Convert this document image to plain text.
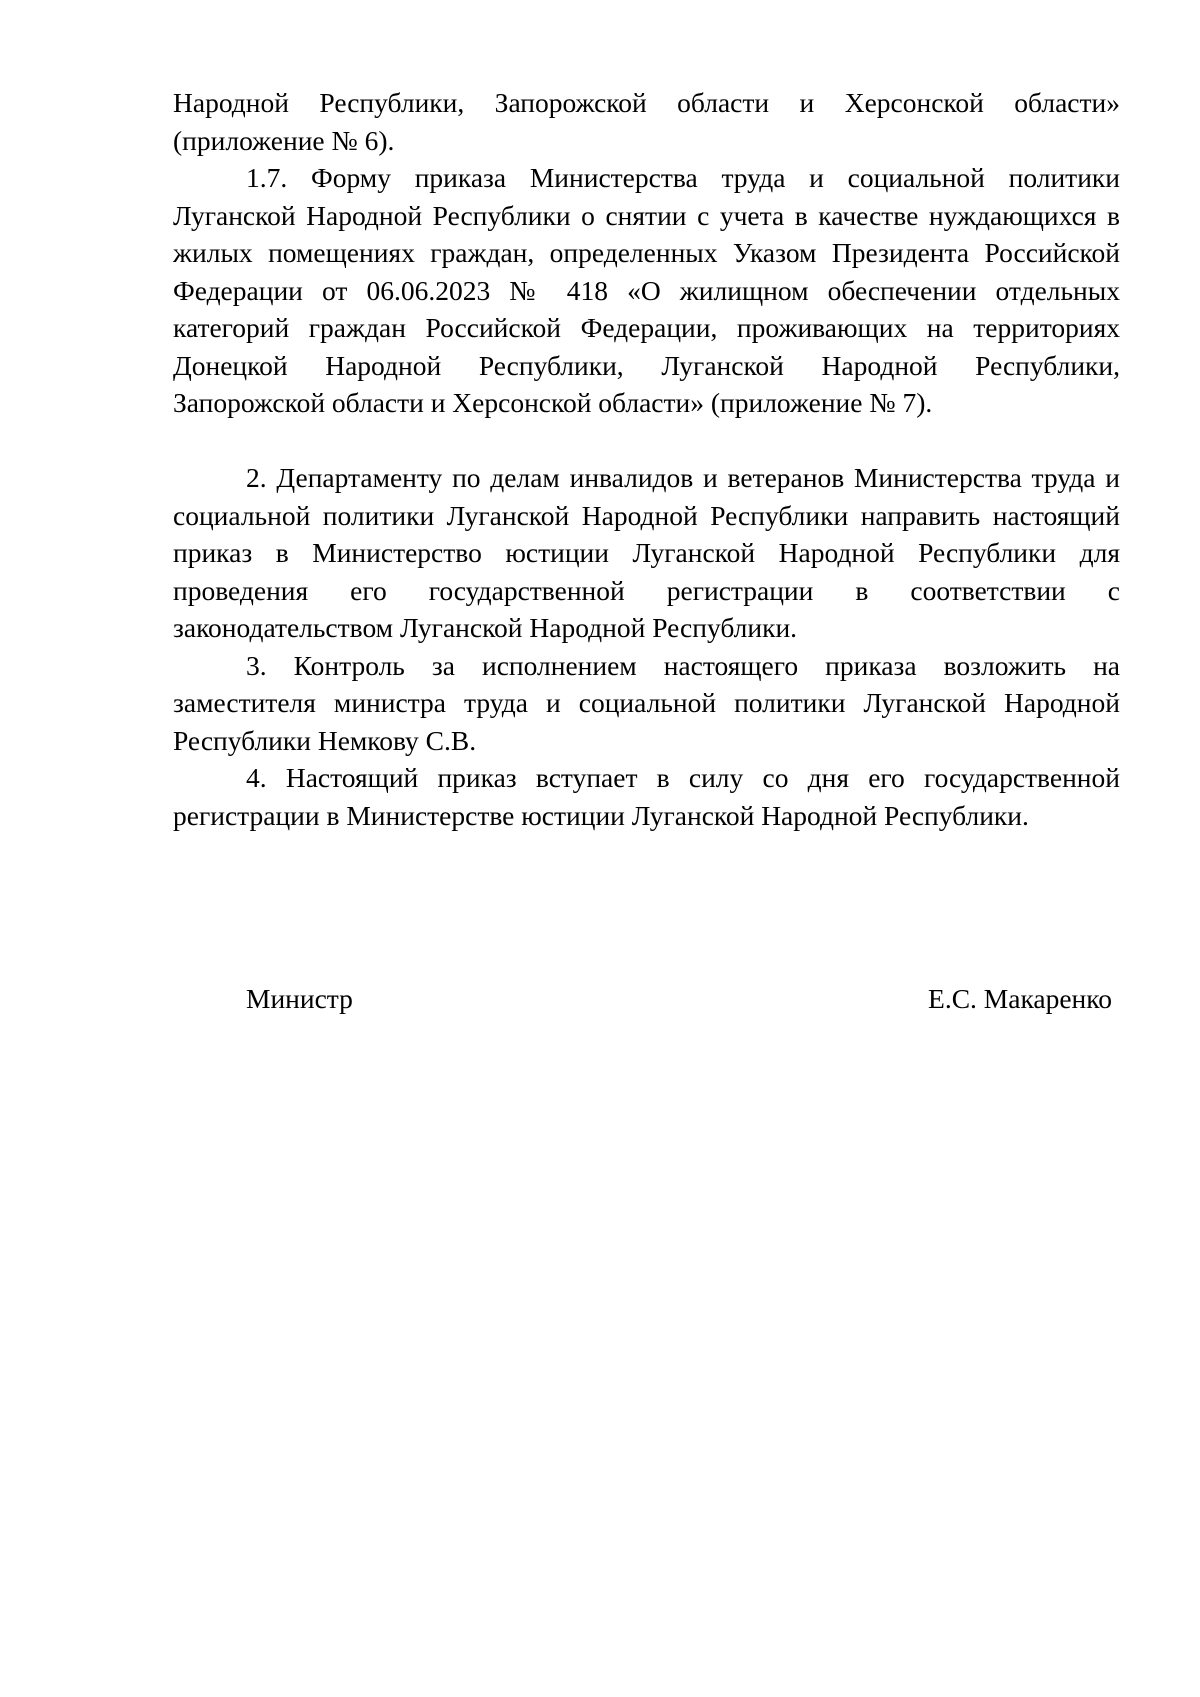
Народной Республики, Запорожской области и Херсонской области» (приложение № 6).

1.7. Форму приказа Министерства труда и социальной политики Луганской Народной Республики о снятии с учета в качестве нуждающихся в жилых помещениях граждан, определенных Указом Президента Российской Федерации от 06.06.2023 № 418 «О жилищном обеспечении отдельных категорий граждан Российской Федерации, проживающих на территориях Донецкой Народной Республики, Луганской Народной Республики, Запорожской области и Херсонской области» (приложение № 7).

2. Департаменту по делам инвалидов и ветеранов Министерства труда и социальной политики Луганской Народной Республики направить настоящий приказ в Министерство юстиции Луганской Народной Республики для проведения его государственной регистрации в соответствии с законодательством Луганской Народной Республики.

3. Контроль за исполнением настоящего приказа возложить на заместителя министра труда и социальной политики Луганской Народной Республики Немкову С.В.

4. Настоящий приказ вступает в силу со дня его государственной регистрации в Министерстве юстиции Луганской Народной Республики.

Министр	Е.С. Макаренко
